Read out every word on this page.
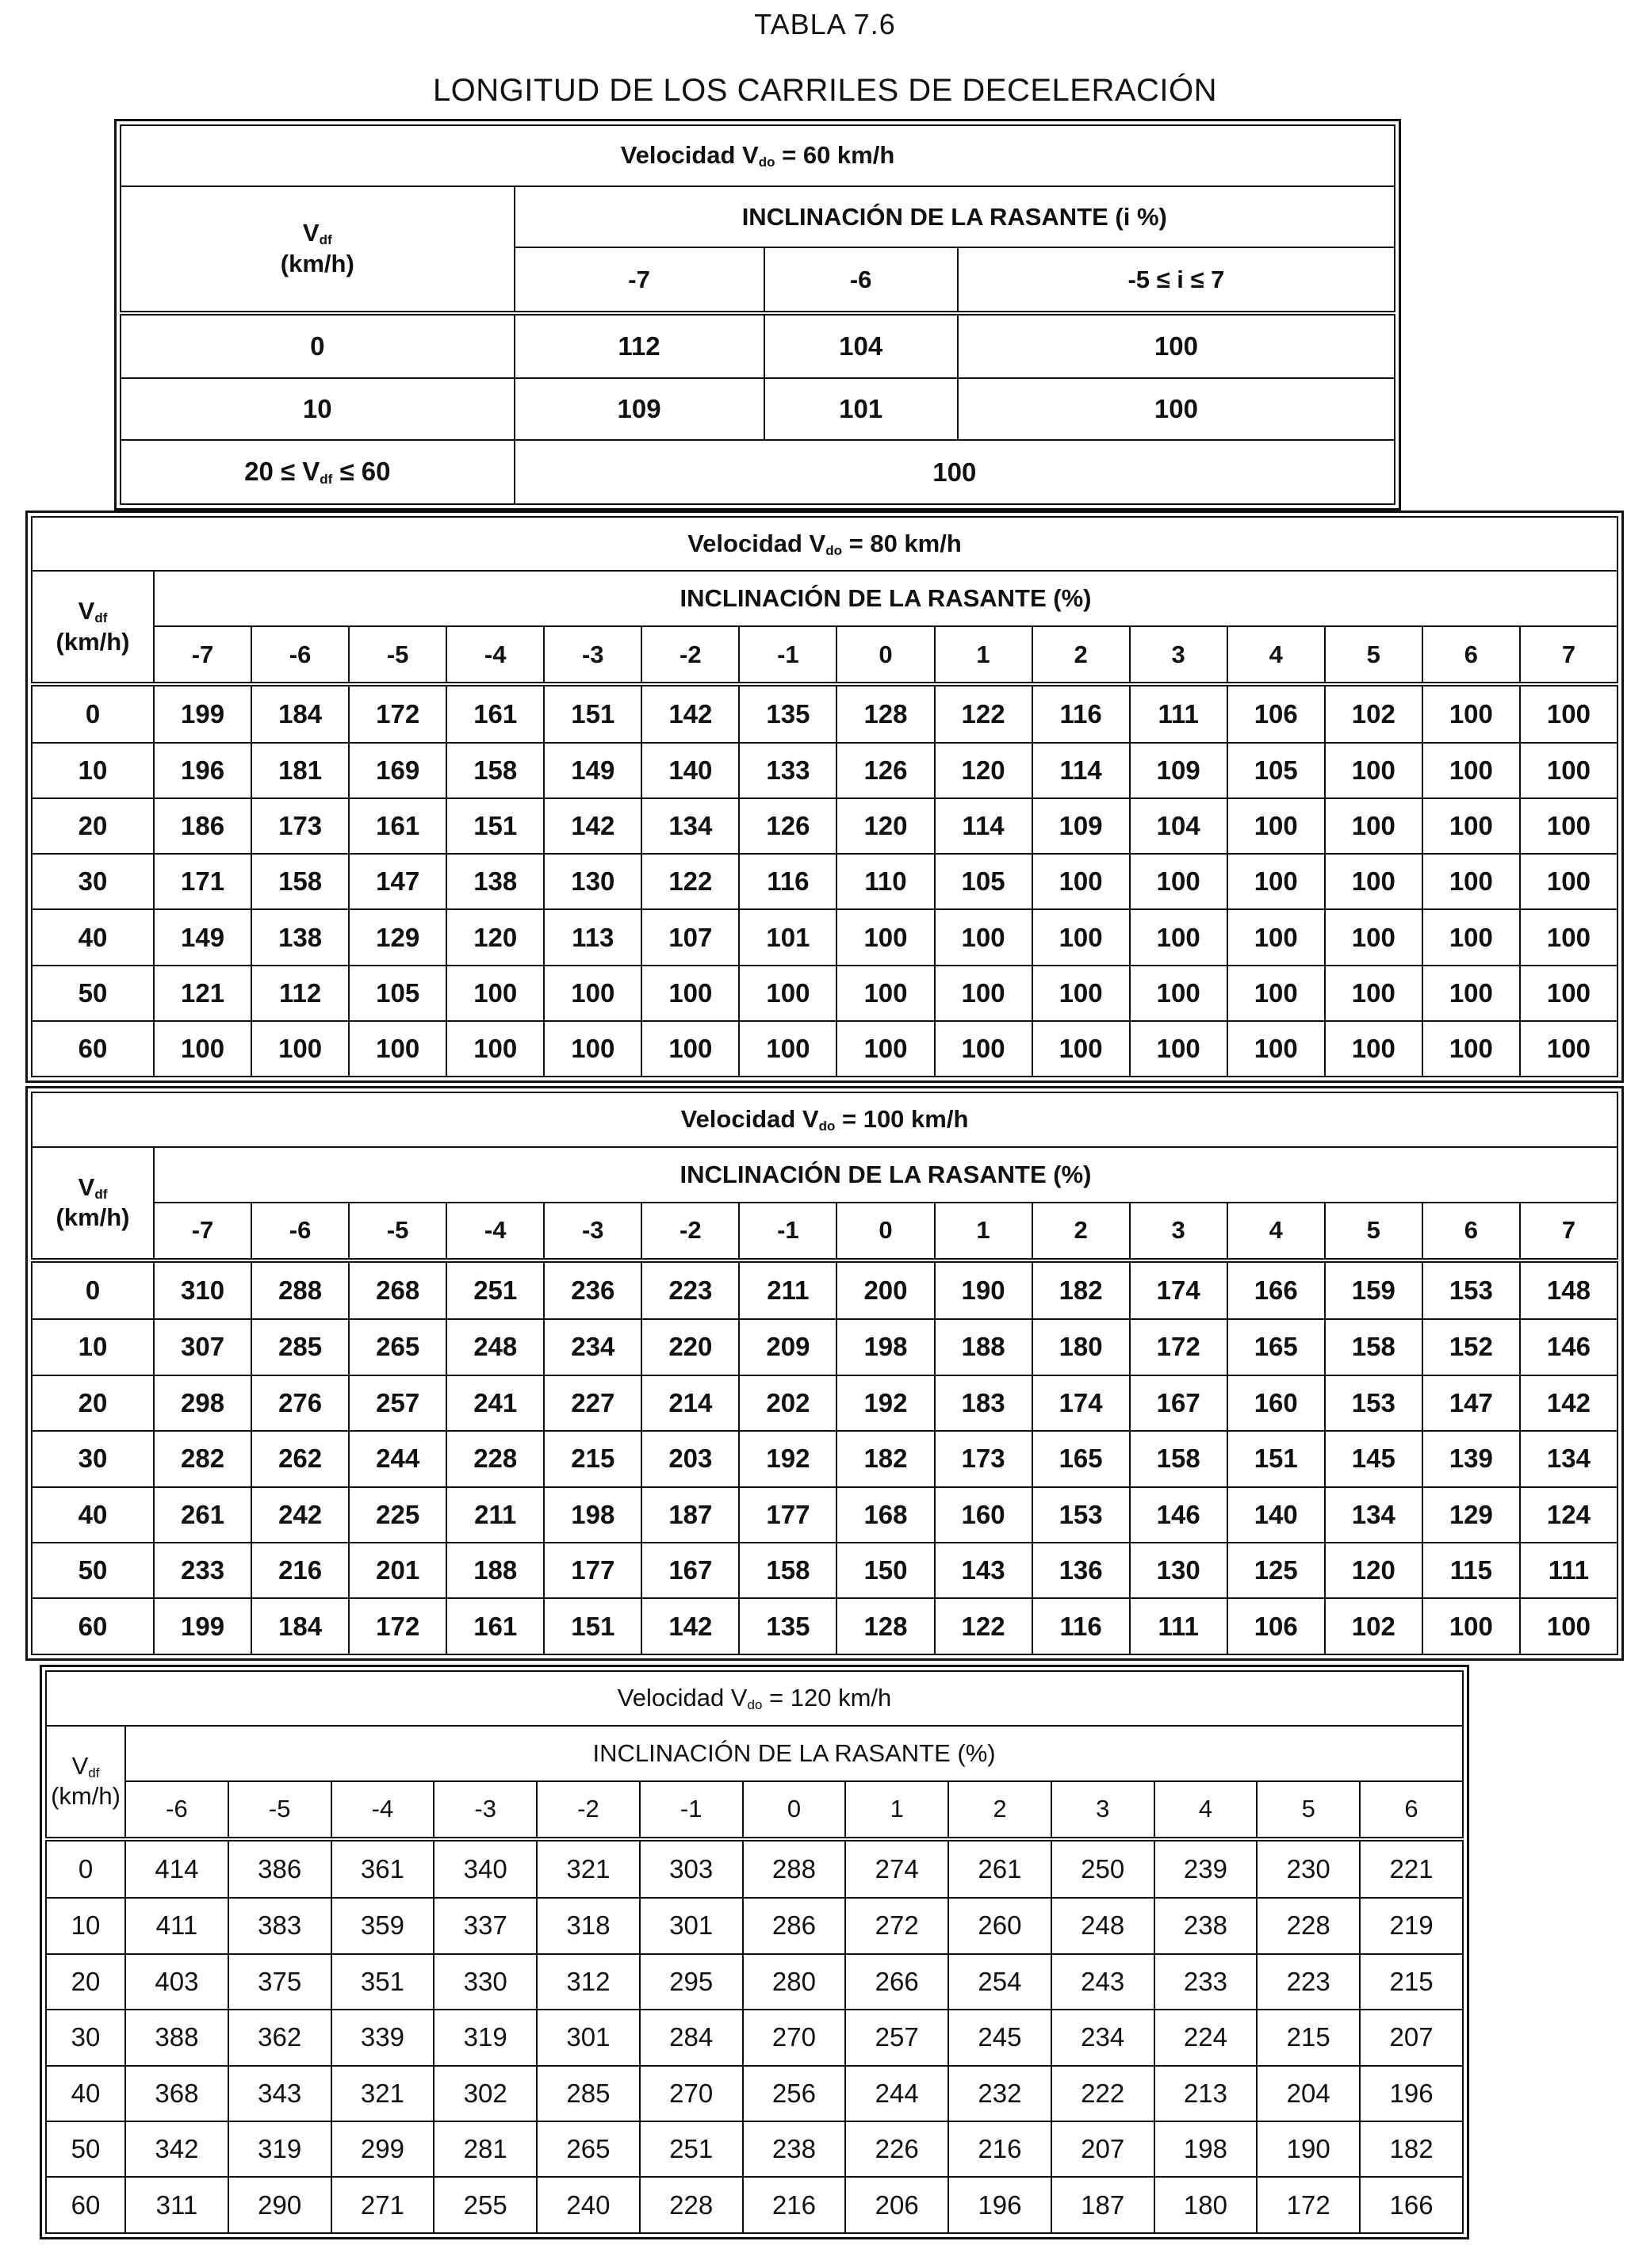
TABLA 7.6
LONGITUD DE LOS CARRILES DE DECELERACIÓN
Velocidad $V_{do} = 60$ km/h			
$V_{df}$
(km/h)	INCLINACIÓN DE LA RASANTE (i %)		
	-7	-6	-5 ≤ i ≤ 7
0	112	104	100
10	109	101	100
$20 \le V_{df} \le 60$	100		
Velocidad $V_{do} = 80$ km/h															
$V_{df}$
(km/h)	INCLINACIÓN DE LA RASANTE (%)														
	-7	-6	-5	-4	-3	-2	-1	0	1	2	3	4	5	6	7
0	199	184	172	161	151	142	135	128	122	116	111	106	102	100	100
10	196	181	169	158	149	140	133	126	120	114	109	105	100	100	100
20	186	173	161	151	142	134	126	120	114	109	104	100	100	100	100
30	171	158	147	138	130	122	116	110	105	100	100	100	100	100	100
40	149	138	129	120	113	107	101	100	100	100	100	100	100	100	100
50	121	112	105	100	100	100	100	100	100	100	100	100	100	100	100
60	100	100	100	100	100	100	100	100	100	100	100	100	100	100	100
Velocidad $V_{do} = 100$ km/h															
$V_{df}$
(km/h)	INCLINACIÓN DE LA RASANTE (%)														
	-7	-6	-5	-4	-3	-2	-1	0	1	2	3	4	5	6	7
0	310	288	268	251	236	223	211	200	190	182	174	166	159	153	148
10	307	285	265	248	234	220	209	198	188	180	172	165	158	152	146
20	298	276	257	241	227	214	202	192	183	174	167	160	153	147	142
30	282	262	244	228	215	203	192	182	173	165	158	151	145	139	134
40	261	242	225	211	198	187	177	168	160	153	146	140	134	129	124
50	233	216	201	188	177	167	158	150	143	136	130	125	120	115	111
60	199	184	172	161	151	142	135	128	122	116	111	106	102	100	100
Velocidad $V_{do} = 120$ km/h													
$V_{df}$
(km/h)	INCLINACIÓN DE LA RASANTE (%)												
	-6	-5	-4	-3	-2	-1	0	1	2	3	4	5	6
0	414	386	361	340	321	303	288	274	261	250	239	230	221
10	411	383	359	337	318	301	286	272	260	248	238	228	219
20	403	375	351	330	312	295	280	266	254	243	233	223	215
30	388	362	339	319	301	284	270	257	245	234	224	215	207
40	368	343	321	302	285	270	256	244	232	222	213	204	196
50	342	319	299	281	265	251	238	226	216	207	198	190	182
60	311	290	271	255	240	228	216	206	196	187	180	172	166
